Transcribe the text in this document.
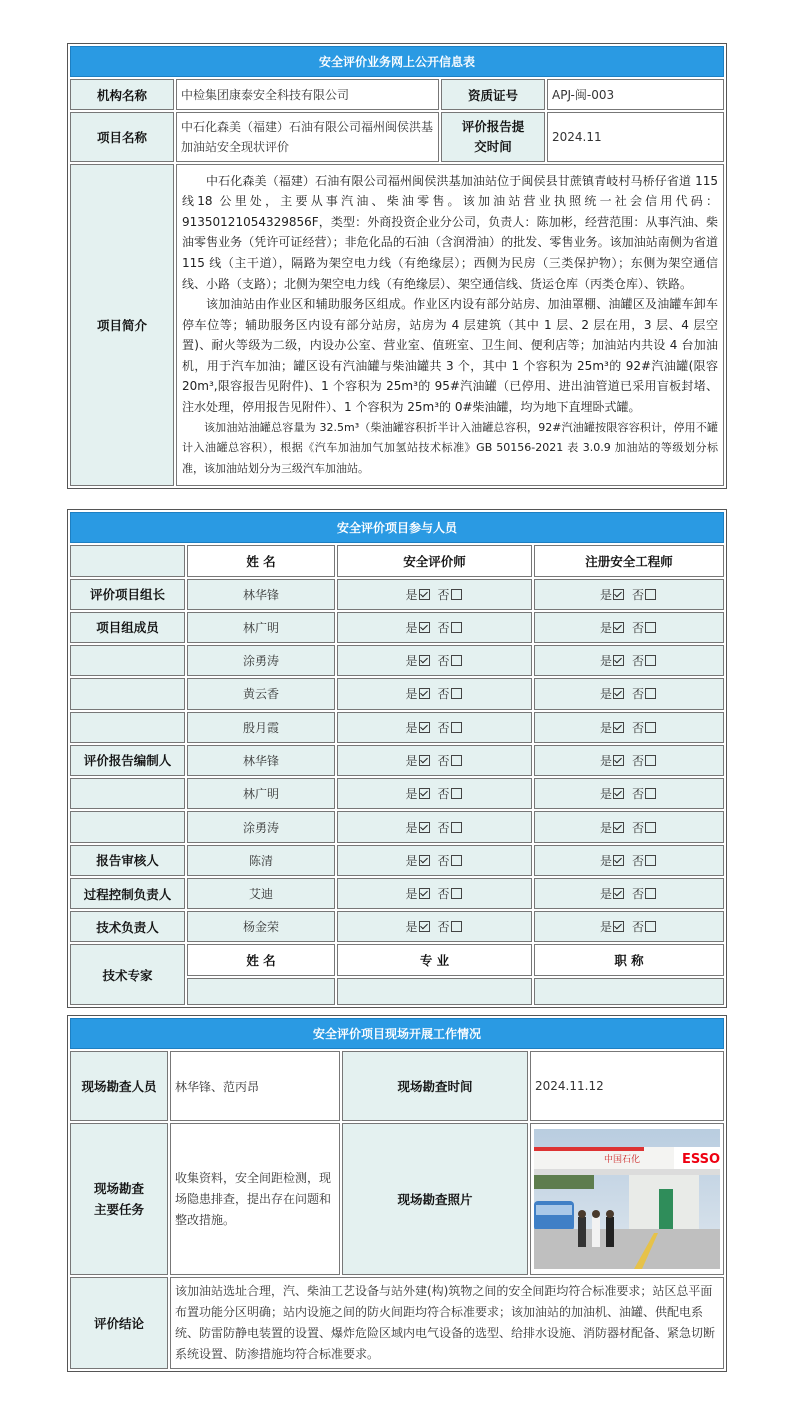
安全评价业务网上公开信息表			
机构名称	中检集团康泰安全科技有限公司	资质证号	APJ-闽-003
项目名称	中石化森美（福建）石油有限公司福州闽侯洪基加油站安全现状评价	评价报告提交时间	2024.11
项目简介	中石化森美（福建）石油有限公司福州闽侯洪基加油站位于闽侯县甘蔗镇青岐村马桥仔省道 115线18 公里处，主要从事汽油、柴油零售。该加油站营业执照统一社会信用代码：91350121054329856F，类型：外商投资企业分公司，负责人：陈加彬，经营范围：从事汽油、柴油零售业务（凭许可证经营）；非危化品的石油（含润滑油）的批发、零售业务。该加油站南侧为省道 115 线（主干道），隔路为架空电力线（有绝缘层）；西侧为民房（三类保护物）；东侧为架空通信线、小路（支路）；北侧为架空电力线（有绝缘层）、架空通信线、货运仓库（丙类仓库）、铁路。

该加油站由作业区和辅助服务区组成。作业区内设有部分站房、加油罩棚、油罐区及油罐车卸车停车位等；辅助服务区内设有部分站房，站房为 4 层建筑（其中 1 层、2 层在用，3 层、4 层空置)、耐火等级为二级，内设办公室、营业室、值班室、卫生间、便利店等；加油站内共设 4 台加油机，用于汽车加油；罐区设有汽油罐与柴油罐共 3 个，其中 1 个容积为 25m³的 92#汽油罐(限容 20m³,限容报告见附件)、1 个容积为 25m³的 95#汽油罐（已停用、进出油管道已采用盲板封堵、注水处理，停用报告见附件）、1 个容积为 25m³的 0#柴油罐，均为地下直埋卧式罐。

该加油站油罐总容量为 32.5m³（柴油罐容积折半计入油罐总容积，92#汽油罐按限容容积计，停用不罐计入油罐总容积），根据《汽车加油加气加氢站技术标准》GB 50156-2021 表 3.0.9 加油站的等级划分标准，该加油站划分为三级汽车加油站。		

安全评价项目参与人员			
	姓 名	安全评价师	注册安全工程师
评价项目组长	林华锋	是 否	是 否
项目组成员	林广明	是 否	是 否
	涂勇涛	是 否	是 否
	黄云香	是 否	是 否
	殷月霞	是 否	是 否
评价报告编制人	林华锋	是 否	是 否
	林广明	是 否	是 否
	涂勇涛	是 否	是 否
报告审核人	陈清	是 否	是 否
过程控制负责人	艾迪	是 否	是 否
技术负责人	杨金荣	是 否	是 否
技术专家	姓 名	专 业	职 称

安全评价项目现场开展工作情况			
现场勘查人员	林华锋、范丙昂	现场勘查时间	2024.11.12
现场勘查主要任务	收集资料，安全间距检测，现场隐患排查，提出存在问题和整改措施。	现场勘查照片	中国石化 ESSO

评价结论	该加油站选址合理，汽、柴油工艺设备与站外建(构)筑物之间的安全间距均符合标准要求；站区总平面布置功能分区明确；站内设施之间的防火间距均符合标准要求；该加油站的加油机、油罐、供配电系统、防雷防静电装置的设置、爆炸危险区域内电气设备的选型、给排水设施、消防器材配备、紧急切断系统设置、防渗措施均符合标准要求。		
